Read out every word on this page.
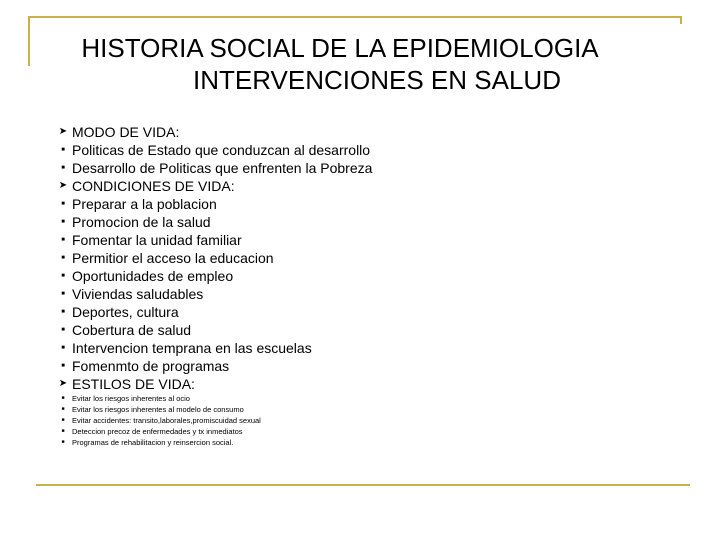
HISTORIA SOCIAL DE LA EPIDEMIOLOGIA
INTERVENCIONES EN SALUD
➤ MODO DE VIDA:
■ Politicas de Estado que conduzcan al desarrollo
■ Desarrollo de Politicas que enfrenten la Pobreza
➤ CONDICIONES DE VIDA:
■ Preparar a la poblacion
■ Promocion de la salud
■ Fomentar la unidad familiar
■ Permitior el acceso la educacion
■ Oportunidades de empleo
■ Viviendas saludables
■ Deportes, cultura
■ Cobertura de salud
■ Intervencion temprana en las escuelas
■ Fomenmto de programas
➤ ESTILOS DE VIDA:
■ Evitar los riesgos inherentes al ocio
■ Evitar los riesgos inherentes al modelo de consumo
■ Evitar accidentes: transito,laborales,promiscuidad sexual
■ Deteccion precoz de enfermedades y tx inmediatos
■ Programas de rehabilitacion y reinsercion social.
